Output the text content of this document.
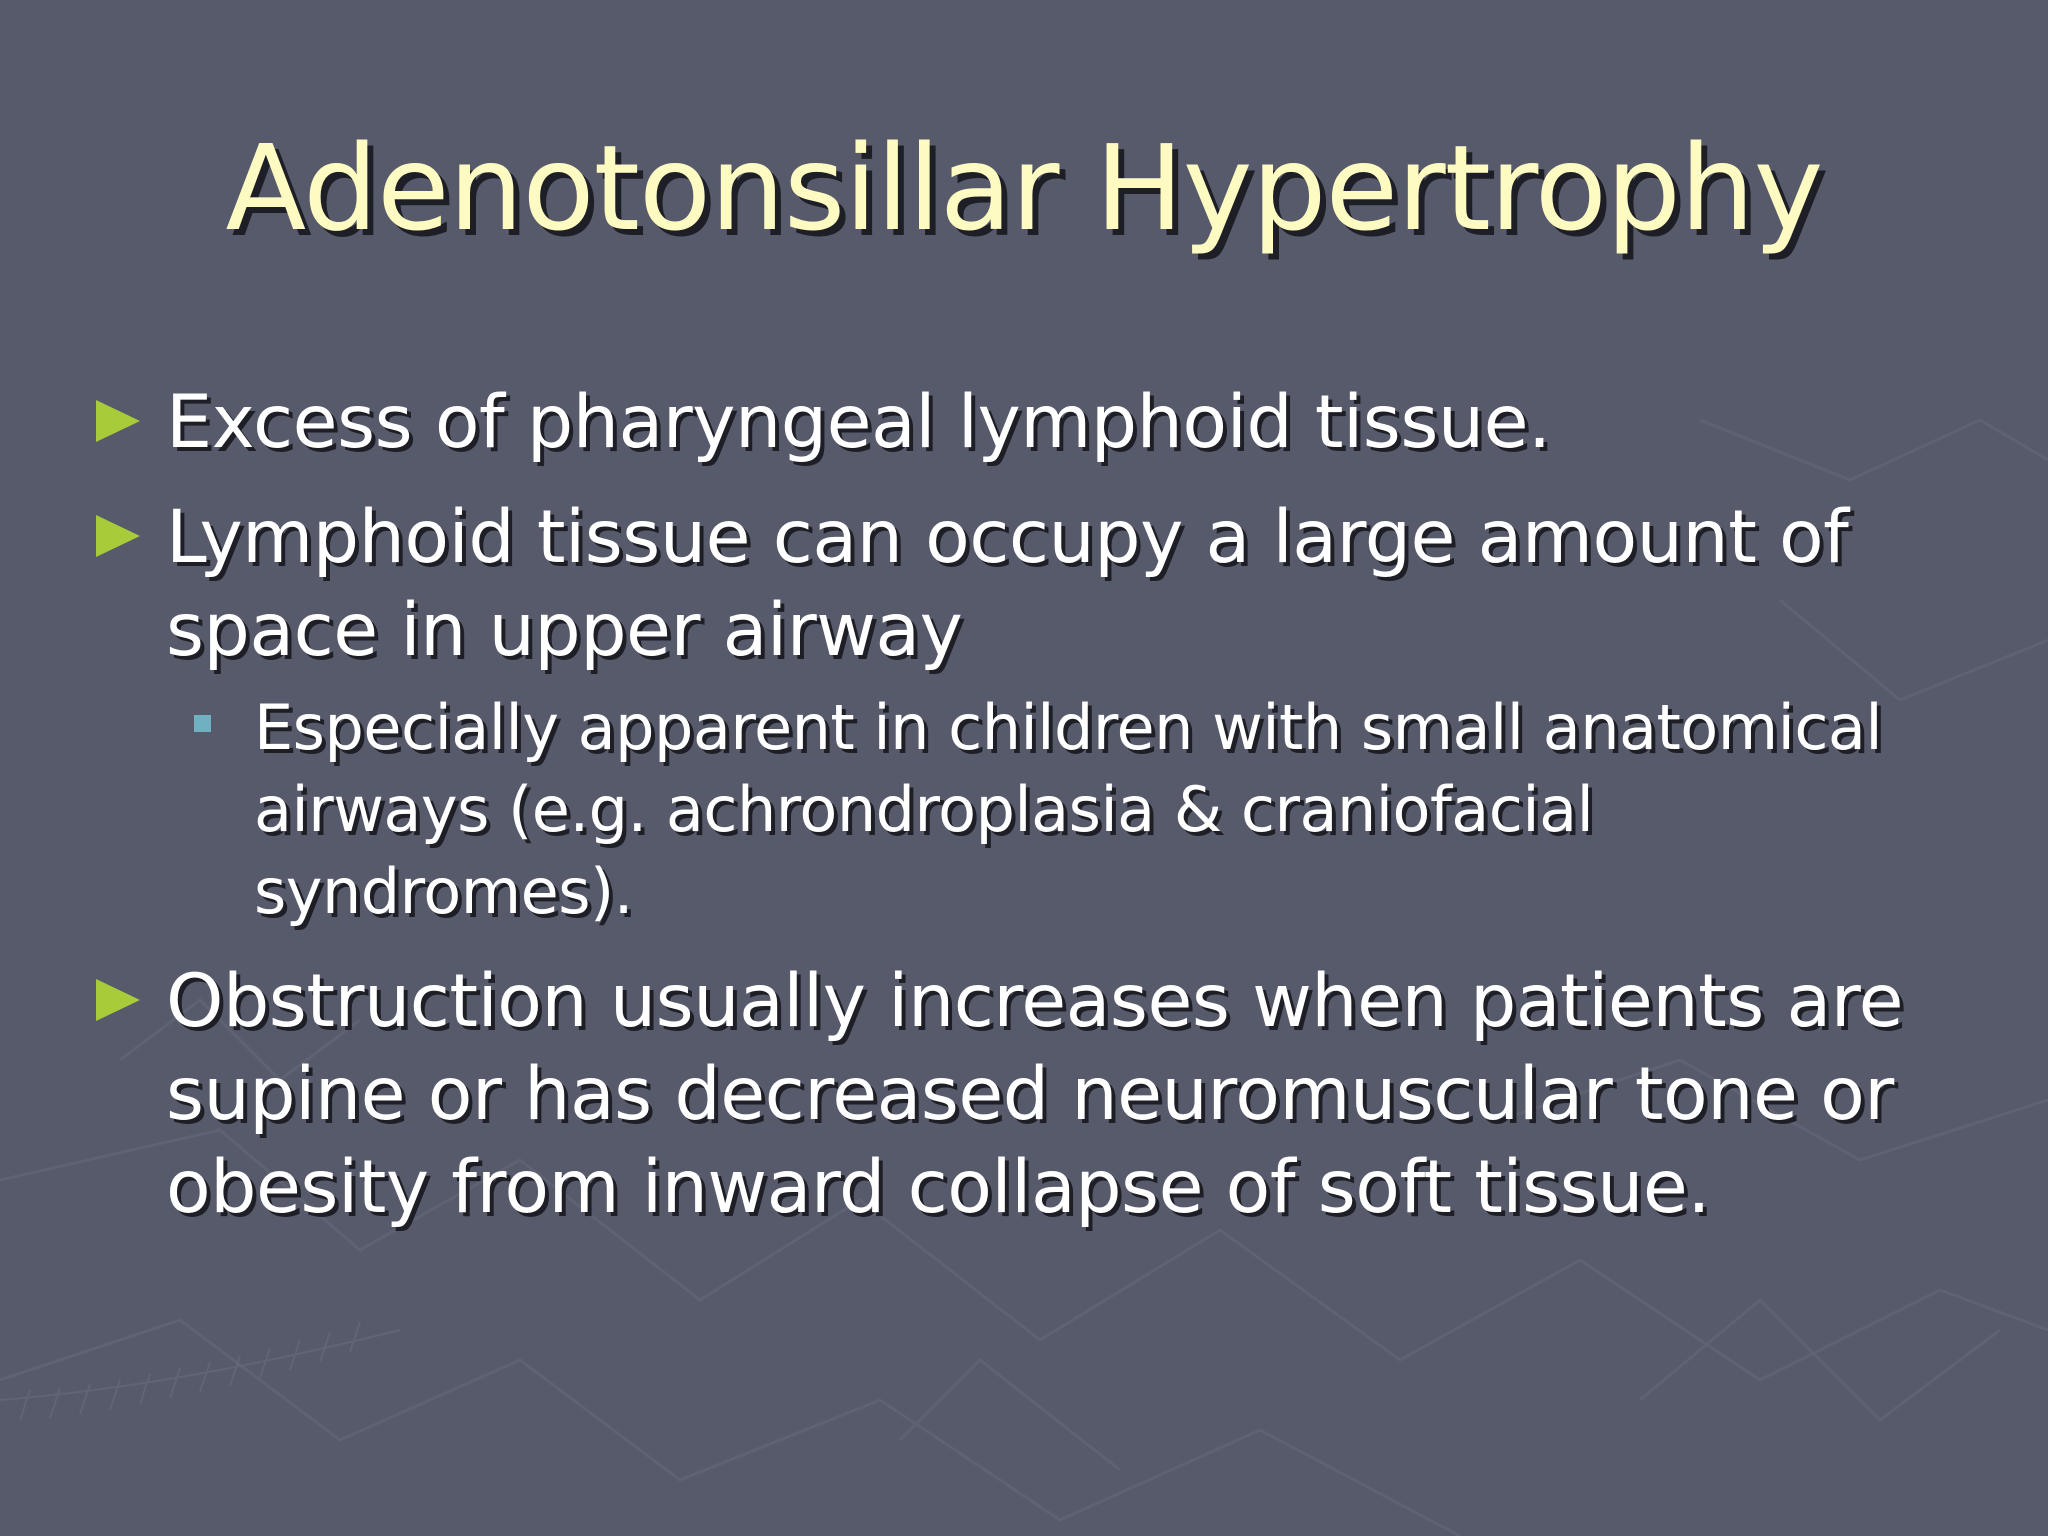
Adenotonsillar Hypertrophy
Excess of pharyngeal lymphoid tissue.
Lymphoid tissue can occupy a large amount of space in upper airway
Especially apparent in children with small anatomical airways (e.g. achrondroplasia & craniofacial syndromes).
Obstruction usually increases when patients are supine or has decreased neuromuscular tone or obesity from inward collapse of soft tissue.
